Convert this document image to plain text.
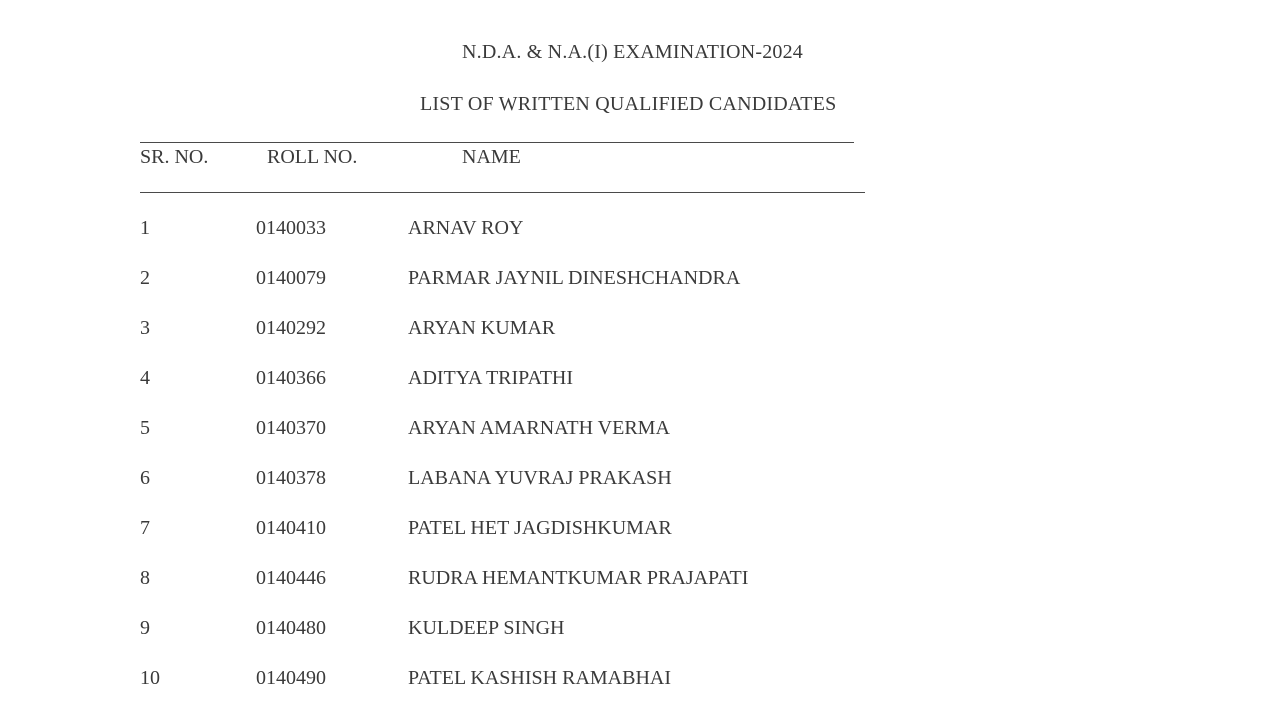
N.D.A. & N.A.(I) EXAMINATION-2024
LIST OF WRITTEN QUALIFIED CANDIDATES
SR. NO.	ROLL NO.	NAME
1	0140033	ARNAV ROY
2	0140079	PARMAR JAYNIL DINESHCHANDRA
3	0140292	ARYAN KUMAR
4	0140366	ADITYA TRIPATHI
5	0140370	ARYAN AMARNATH VERMA
6	0140378	LABANA YUVRAJ PRAKASH
7	0140410	PATEL HET JAGDISHKUMAR
8	0140446	RUDRA HEMANTKUMAR PRAJAPATI
9	0140480	KULDEEP SINGH
10	0140490	PATEL KASHISH RAMABHAI
